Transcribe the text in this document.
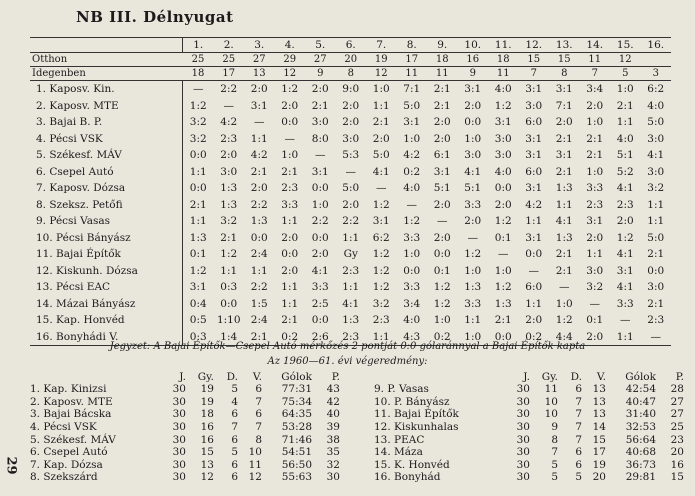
NB III. Délnyugat
	1.	2.	3.	4.	5.	6.	7.	8.	9.	10.	11.	12.	13.	14.	15.	16.
Otthon	25	25	27	29	27	20	19	17	18	16	18	15	15	11	12	
Idegenben	18	17	13	12	9	8	12	11	11	9	11	7	8	7	5	3
1. Kaposv. Kin.	—	2:2	2:0	1:2	2:0	9:0	1:0	7:1	2:1	3:1	4:0	3:1	3:1	3:4	1:0	6:2
2. Kaposv. MTE	1:2	—	3:1	2:0	2:1	2:0	1:1	5:0	2:1	2:0	1:2	3:0	7:1	2:0	2:1	4:0
3. Bajai B. P.	3:2	4:2	—	0:0	3:0	2:0	2:1	3:1	2:0	0:0	3:1	6:0	2:0	1:0	1:1	5:0
4. Pécsi VSK	3:2	2:3	1:1	—	8:0	3:0	2:0	1:0	2:0	1:0	3:0	3:1	2:1	2:1	4:0	3:0
5. Székesf. MÁV	0:0	2:0	4:2	1:0	—	5:3	5:0	4:2	6:1	3:0	3:0	3:1	3:1	2:1	5:1	4:1
6. Csepel Autó	1:1	3:0	2:1	2:1	3:1	—	4:1	0:2	3:1	4:1	4:0	6:0	2:1	1:0	5:2	3:0
7. Kaposv. Dózsa	0:0	1:3	2:0	2:3	0:0	5:0	—	4:0	5:1	5:1	0:0	3:1	1:3	3:3	4:1	3:2
8. Szeksz. Petőfi	2:1	1:3	2:2	3:3	1:0	2:0	1:2	—	2:0	3:3	2:0	4:2	1:1	2:3	2:3	1:1
9. Pécsi Vasas	1:1	3:2	1:3	1:1	2:2	2:2	3:1	1:2	—	2:0	1:2	1:1	4:1	3:1	2:0	1:1
10. Pécsi Bányász	1:3	2:1	0:0	2:0	0:0	1:1	6:2	3:3	2:0	—	0:1	3:1	1:3	2:0	1:2	5:0
11. Bajai Építők	0:1	1:2	2:4	0:0	2:0	Gy	1:2	1:0	0:0	1:2	—	0:0	2:1	1:1	4:1	2:1
12. Kiskunh. Dózsa	1:2	1:1	1:1	2:0	4:1	2:3	1:2	0:0	0:1	1:0	1:0	—	2:1	3:0	3:1	0:0
13. Pécsi EAC	3:1	0:3	2:2	1:1	3:3	1:1	1:2	3:3	1:2	1:3	1:2	6:0	—	3:2	4:1	3:0
14. Mázai Bányász	0:4	0:0	1:5	1:1	2:5	4:1	3:2	3:4	1:2	3:3	1:3	1:1	1:0	—	3:3	2:1
15. Kap. Honvéd	0:5	1:10	2:4	2:1	0:0	1:3	2:3	4:0	1:0	1:1	2:1	2:0	1:2	0:1	—	2:3
16. Bonyhádi V.	0:3	1:4	2:1	0:2	2:6	2:3	1:1	4:3	0:2	1:0	0:0	0:2	4:4	2:0	1:1	—
Jegyzet: A Bajai Építők—Csepel Autó mérkőzés 2 pontját 0:0 gólaránnyal a Bajai Építők kapta
Az 1960—61. évi végeredmény:
	J.	Gy.	D.	V.	Gólok	P.
1. Kap. Kinizsi	30	19	5	6	77:31	43
2. Kaposv. MTE	30	19	4	7	75:34	42
3. Bajai Bácska	30	18	6	6	64:35	40
4. Pécsi VSK	30	16	7	7	53:28	39
5. Székesf. MÁV	30	16	6	8	71:46	38
6. Csepel Autó	30	15	5	10	54:51	35
7. Kap. Dózsa	30	13	6	11	56:50	32
8. Szekszárd	30	12	6	12	55:63	30
	J.	Gy.	D.	V.	Gólok	P.
9. P. Vasas	30	11	6	13	42:54	28
10. P. Bányász	30	10	7	13	40:47	27
11. Bajai Építők	30	10	7	13	31:40	27
12. Kiskunhalas	30	9	7	14	32:53	25
13. PEAC	30	8	7	15	56:64	23
14. Máza	30	7	6	17	40:68	20
15. K. Honvéd	30	5	6	19	36:73	16
16. Bonyhád	30	5	5	20	29:81	15
29
